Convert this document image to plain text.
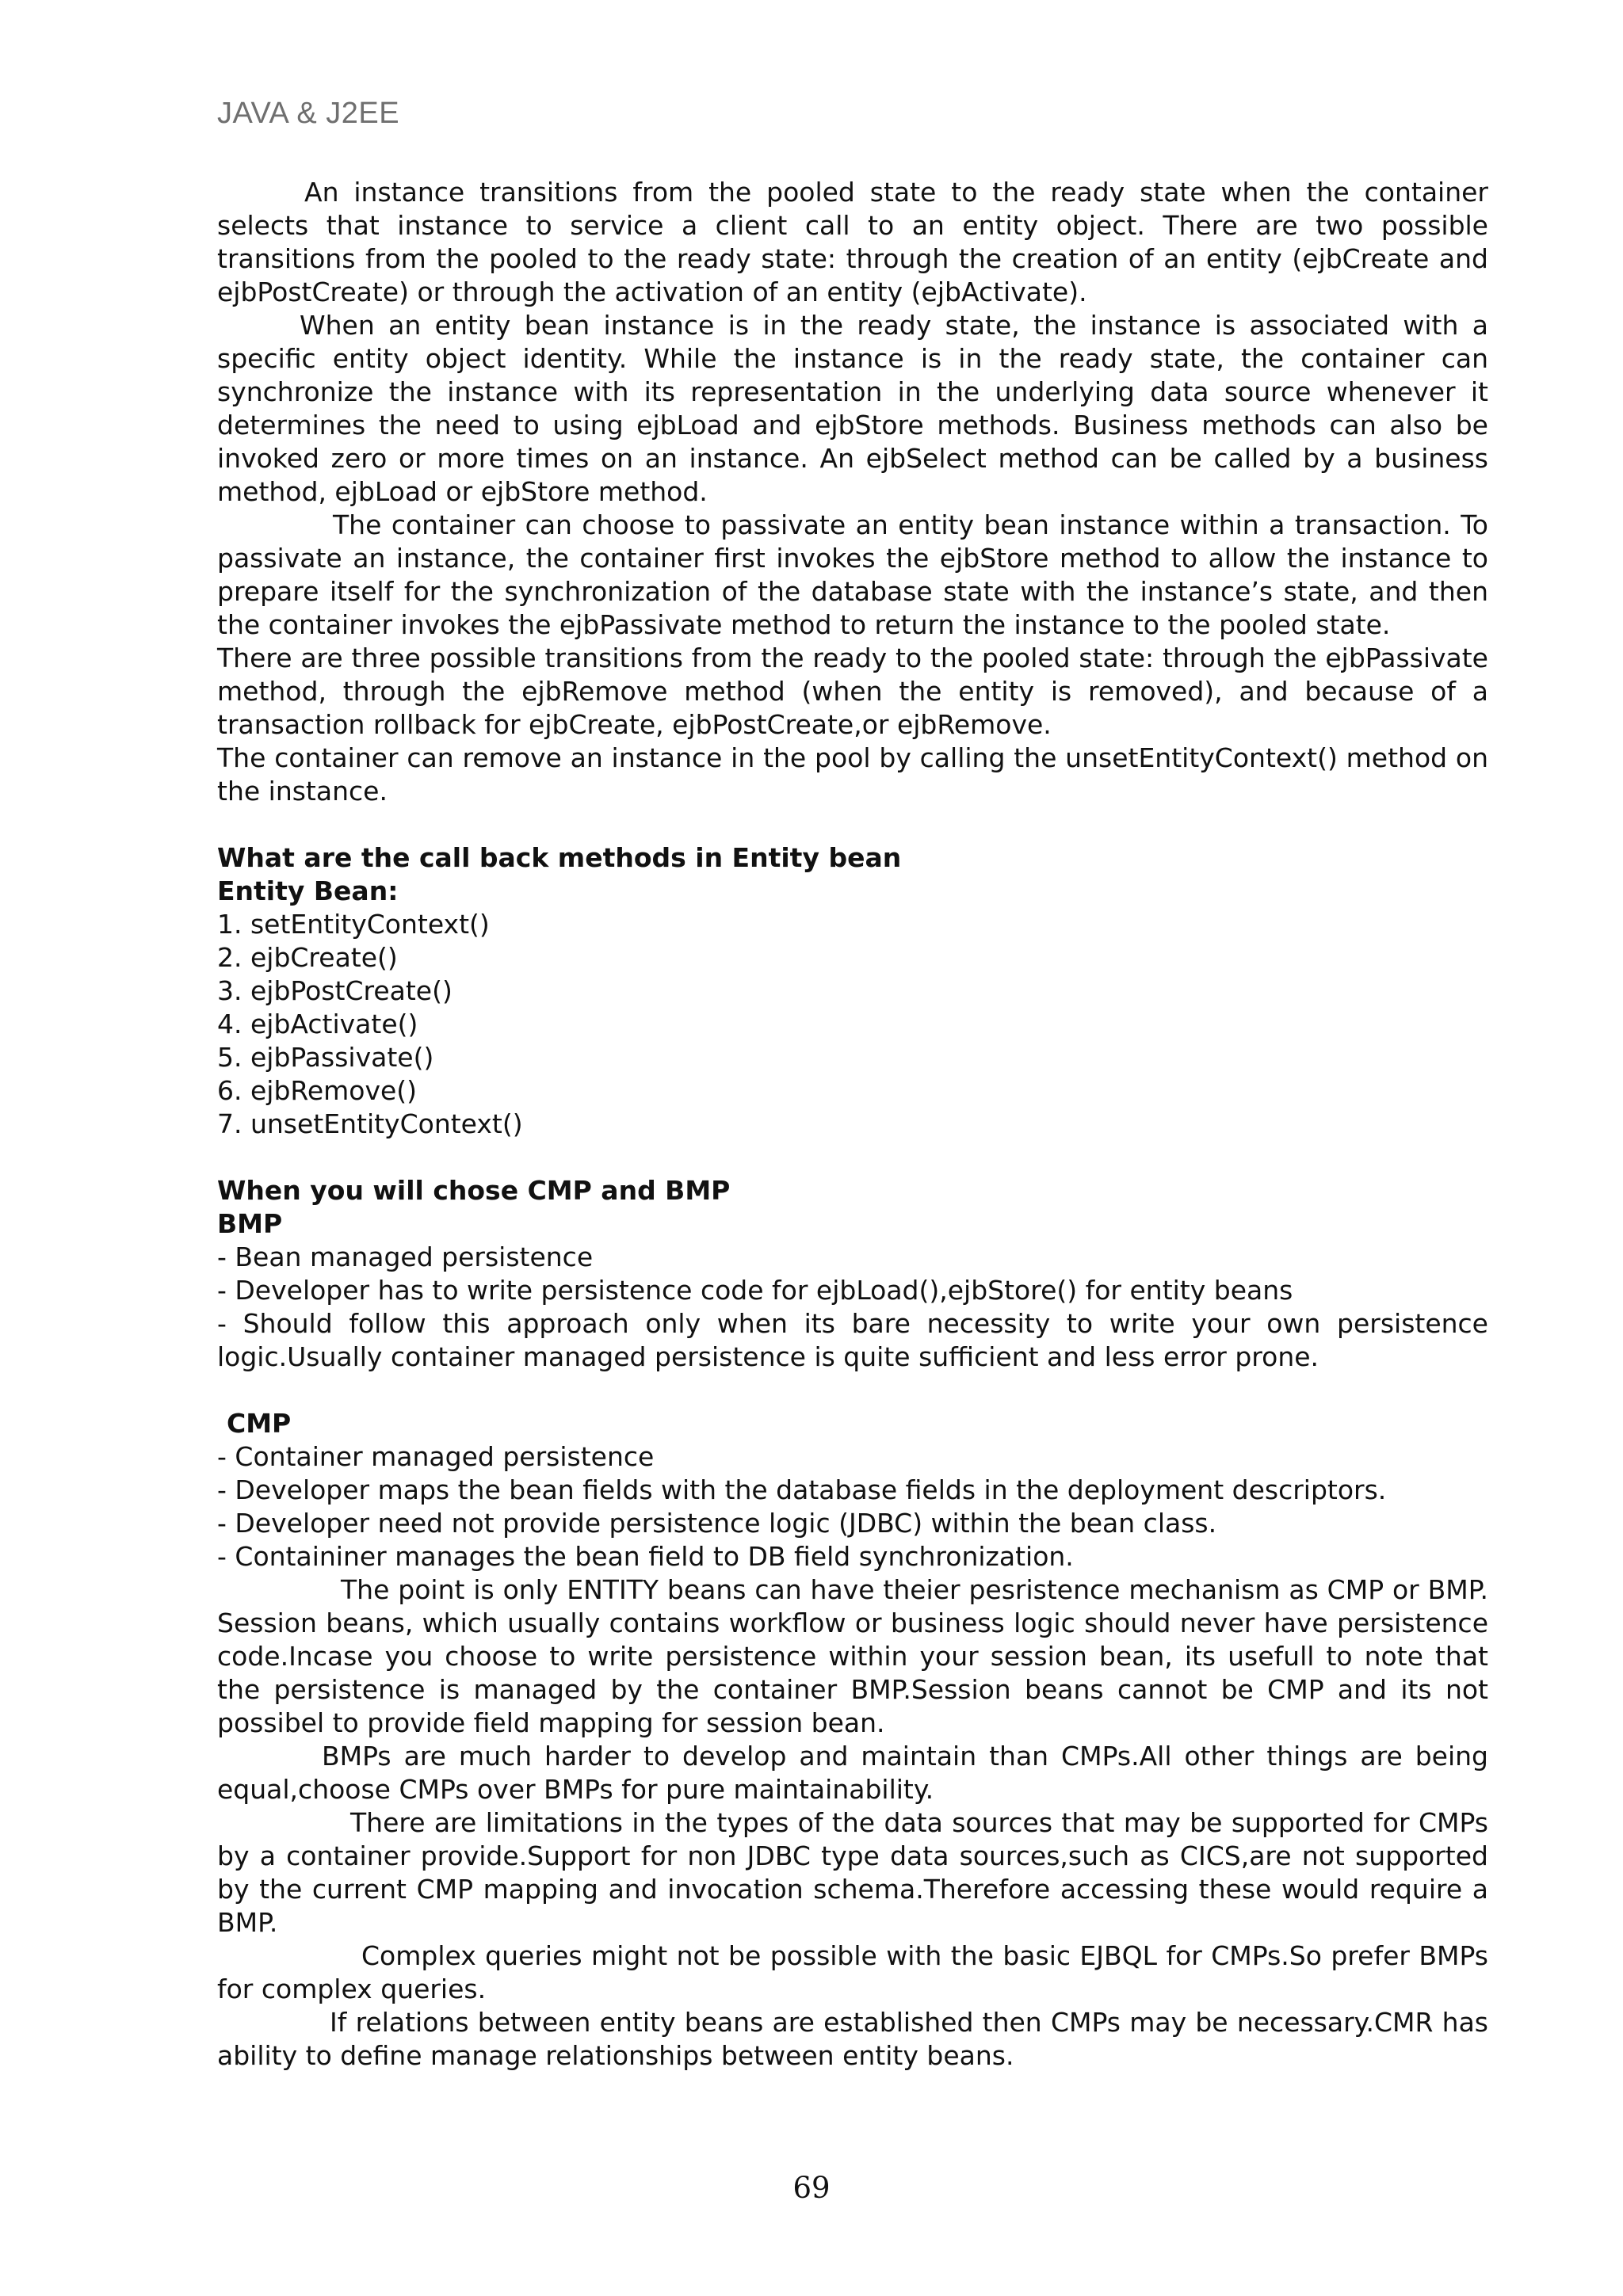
JAVA & J2EE

An instance transitions from the pooled state to the ready state when the container selects that instance to service a client call to an entity object. There are two possible transitions from the pooled to the ready state: through the creation of an entity (ejbCreate and ejbPostCreate) or through the activation of an entity (ejbActivate).

When an entity bean instance is in the ready state, the instance is associated with a specific entity object identity. While the instance is in the ready state, the container can synchronize the instance with its representation in the underlying data source whenever it determines the need to using ejbLoad and ejbStore methods. Business methods can also be invoked zero or more times on an instance. An ejbSelect method can be called by a business method, ejbLoad or ejbStore method.

The container can choose to passivate an entity bean instance within a transaction. To passivate an instance, the container first invokes the ejbStore method to allow the instance to prepare itself for the synchronization of the database state with the instance’s state, and then the container invokes the ejbPassivate method to return the instance to the pooled state.

There are three possible transitions from the ready to the pooled state: through the ejbPassivate method, through the ejbRemove method (when the entity is removed), and because of a transaction rollback for ejbCreate, ejbPostCreate,or ejbRemove.

The container can remove an instance in the pool by calling the unsetEntityContext() method on the instance.

What are the call back methods in Entity bean

Entity Bean:

1. setEntityContext()

2. ejbCreate()

3. ejbPostCreate()

4. ejbActivate()

5. ejbPassivate()

6. ejbRemove()

7. unsetEntityContext()

When you will chose CMP and BMP

BMP

- Bean managed persistence

- Developer has to write persistence code for ejbLoad(),ejbStore() for entity beans

- Should follow this approach only when its bare necessity to write your own persistence logic.Usually container managed persistence is quite sufficient and less error prone.

CMP

- Container managed persistence

- Developer maps the bean fields with the database fields in the deployment descriptors.

- Developer need not provide persistence logic (JDBC) within the bean class.

- Containiner manages the bean field to DB field synchronization.

The point is only ENTITY beans can have theier pesristence mechanism as CMP or BMP. Session beans, which usually contains workflow or business logic should never have persistence code.Incase you choose to write persistence within your session bean, its usefull to note that the persistence is managed by the container BMP.Session beans cannot be CMP and its not possibel to provide field mapping for session bean.

BMPs are much harder to develop and maintain than CMPs.All other things are being equal,choose CMPs over BMPs for pure maintainability.

There are limitations in the types of the data sources that may be supported for CMPs by a container provide.Support for non JDBC type data sources,such as CICS,are not supported by the current CMP mapping and invocation schema.Therefore accessing these would require a BMP.

Complex queries might not be possible with the basic EJBQL for CMPs.So prefer BMPs for complex queries.

If relations between entity beans are established then CMPs may be necessary.CMR has ability to define manage relationships between entity beans.

69
